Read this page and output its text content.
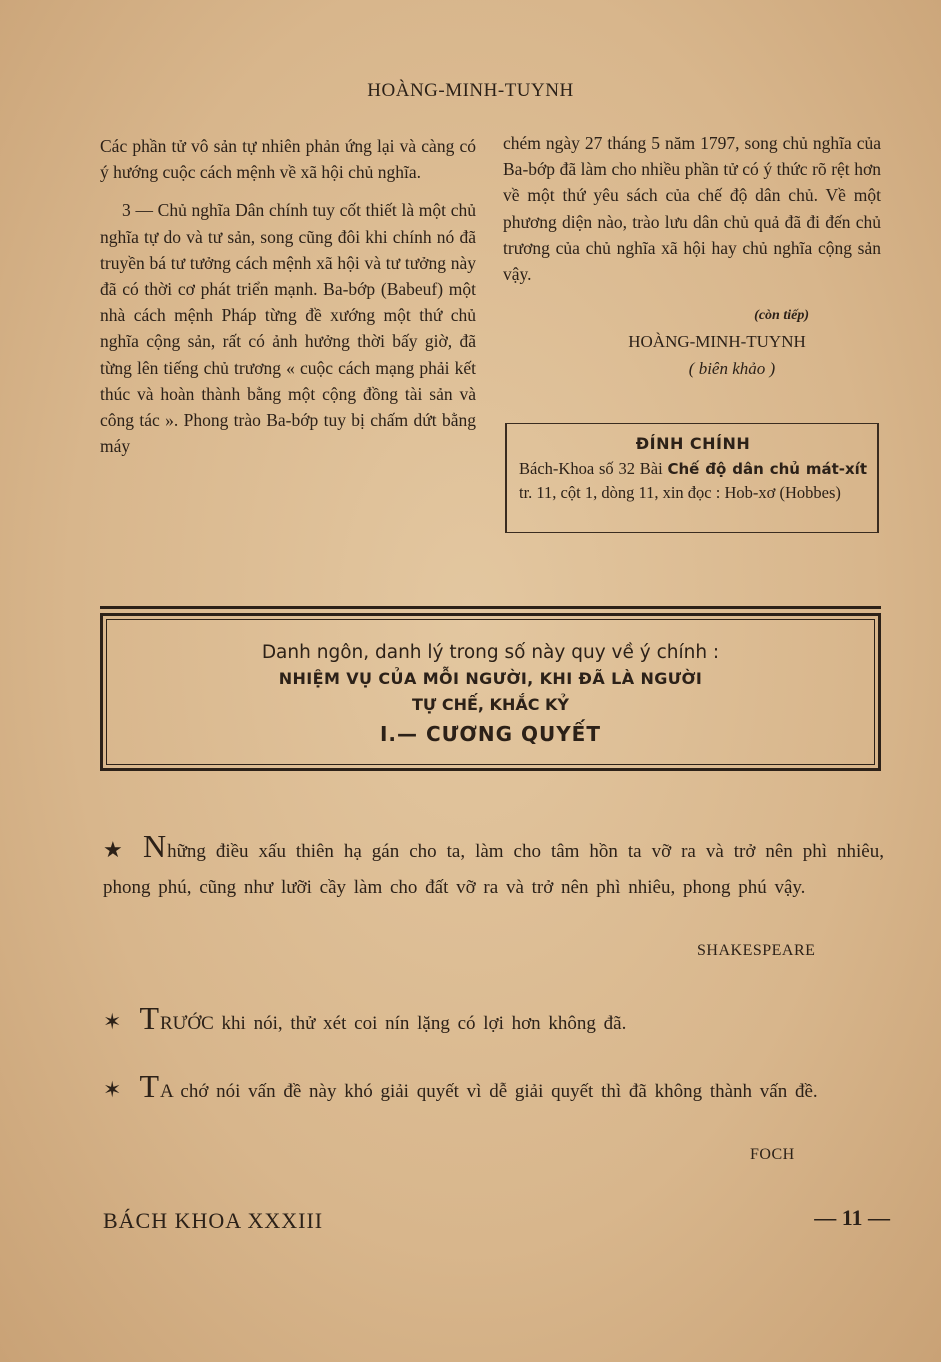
HOÀNG-MINH-TUYNH

Các phần tử vô sản tự nhiên phản ứng lại và càng có ý hướng cuộc cách mệnh về xã hội chủ nghĩa.

3 — Chủ nghĩa Dân chính tuy cốt thiết là một chủ nghĩa tự do và tư sản, song cũng đôi khi chính nó đã truyền bá tư tưởng cách mệnh xã hội và tư tưởng này đã có thời cơ phát triển mạnh. Ba-bớp (Babeuf) một nhà cách mệnh Pháp từng đề xướng một thứ chủ nghĩa cộng sản, rất có ảnh hưởng thời bấy giờ, đã từng lên tiếng chủ trương « cuộc cách mạng phải kết thúc và hoàn thành bằng một cộng đồng tài sản và công tác ». Phong trào Ba-bớp tuy bị chấm dứt bằng máy

chém ngày 27 tháng 5 năm 1797, song chủ nghĩa của Ba-bớp đã làm cho nhiều phần tử có ý thức rõ rệt hơn về một thứ yêu sách của chế độ dân chủ. Về một phương diện nào, trào lưu dân chủ quả đã đi đến chủ trương của chủ nghĩa xã hội hay chủ nghĩa cộng sản vậy.

(còn tiếp)

HOÀNG-MINH-TUYNH

( biên khảo )

ĐÍNH CHÍNH
Bách-Khoa số 32 Bài Chế độ dân chủ mát-xít tr. 11, cột 1, dòng 11, xin đọc : Hob-xơ (Hobbes)
Danh ngôn, danh lý trong số này quy về ý chính :
NHIỆM VỤ CỦA MỖI NGƯỜI, KHI ĐÃ LÀ NGƯỜI
TỰ CHẾ, KHẮC KỶ
I.— CƯƠNG QUYẾT
★ Những điều xấu thiên hạ gán cho ta, làm cho tâm hồn ta vỡ ra và trở nên phì nhiêu, phong phú, cũng như lưỡi cầy làm cho đất vỡ ra và trở nên phì nhiêu, phong phú vậy.
SHAKESPEARE
✶ TRƯỚC khi nói, thử xét coi nín lặng có lợi hơn không đã.
✶ TA chớ nói vấn đề này khó giải quyết vì dễ giải quyết thì đã không thành vấn đề.
FOCH
BÁCH KHOA XXXIII	— 11 —
